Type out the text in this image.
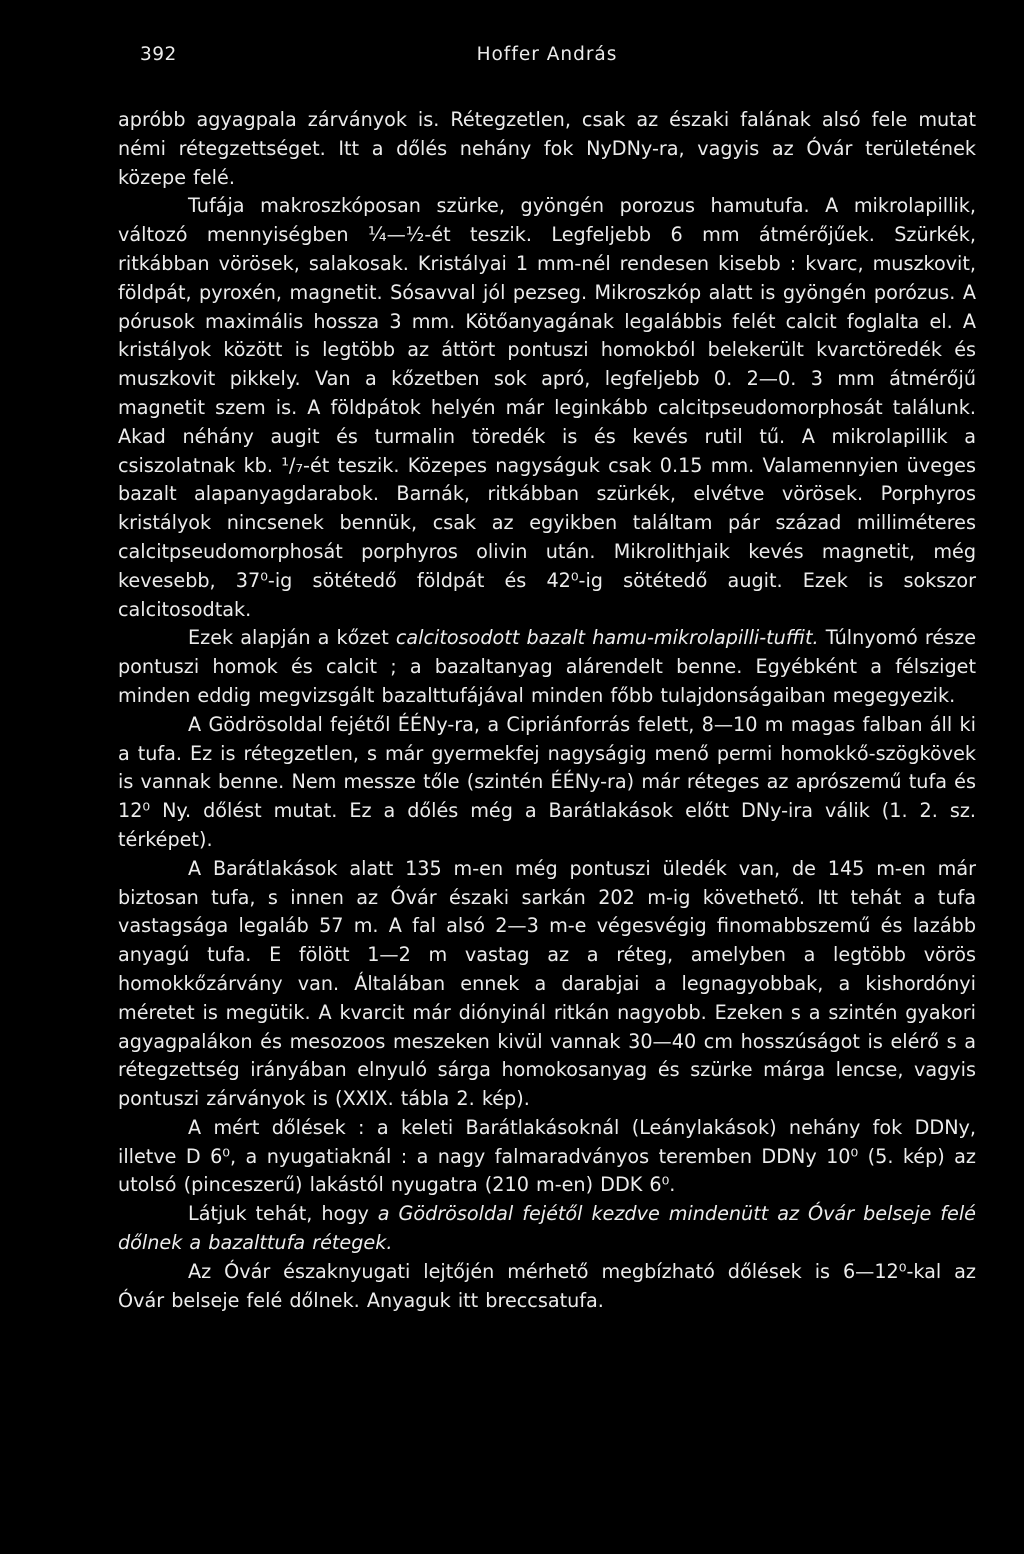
392	Hoffer András

apróbb agyagpala zárványok is. Rétegzetlen, csak az északi falának alsó fele mutat némi rétegzettséget. Itt a dőlés nehány fok NyDNy-ra, vagyis az Óvár területének közepe felé.

Tufája makroszkóposan szürke, gyöngén porozus hamutufa. A mikrolapillik, változó mennyiségben ¼—½-ét teszik. Legfeljebb 6 mm átmérőjűek. Szürkék, ritkábban vörösek, salakosak. Kristályai 1 mm-nél rendesen kisebb : kvarc, muszkovit, földpát, pyroxén, magnetit. Sósavval jól pezseg. Mikroszkóp alatt is gyöngén porózus. A pórusok maximális hossza 3 mm. Kötőanyagának legalábbis felét calcit foglalta el. A kristályok között is legtöbb az áttört pontuszi homokból belekerült kvarctöredék és muszkovit pikkely. Van a kőzetben sok apró, legfeljebb 0. 2—0. 3 mm átmérőjű magnetit szem is. A földpátok helyén már leginkább calcitpseudomorphosát találunk. Akad néhány augit és turmalin töredék is és kevés rutil tű. A mikrolapillik a csiszolatnak kb. ¹/₇-ét teszik. Közepes nagyságuk csak 0.15 mm. Valamennyien üveges bazalt alapanyagdarabok. Barnák, ritkábban szürkék, elvétve vörösek. Porphyros kristályok nincsenek bennük, csak az egyikben találtam pár század milliméteres calcitpseudomorphosát porphyros olivin után. Mikrolithjaik kevés magnetit, még kevesebb, 37⁰-ig sötétedő földpát és 42⁰-ig sötétedő augit. Ezek is sokszor calcitosodtak.

Ezek alapján a kőzet calcitosodott bazalt hamu-mikrolapilli-tuffit. Túlnyomó része pontuszi homok és calcit ; a bazaltanyag alárendelt benne. Egyébként a félsziget minden eddig megvizsgált bazalttufájával minden főbb tulajdonságaiban megegyezik.

A Gödrösoldal fejétől ÉÉNy-ra, a Cipriánforrás felett, 8—10 m magas falban áll ki a tufa. Ez is rétegzetlen, s már gyermekfej nagyságig menő permi homokkő-szögkövek is vannak benne. Nem messze tőle (szintén ÉÉNy-ra) már réteges az aprószemű tufa és 12⁰ Ny. dőlést mutat. Ez a dőlés még a Barátlakások előtt DNy-ira válik (1. 2. sz. térképet).

A Barátlakások alatt 135 m-en még pontuszi üledék van, de 145 m-en már biztosan tufa, s innen az Óvár északi sarkán 202 m-ig követhető. Itt tehát a tufa vastagsága legaláb 57 m. A fal alsó 2—3 m-e végesvégig finomabbszemű és lazább anyagú tufa. E fölött 1—2 m vastag az a réteg, amelyben a legtöbb vörös homokkőzárvány van. Általában ennek a darabjai a legnagyobbak, a kishordónyi méretet is megütik. A kvarcit már diónyinál ritkán nagyobb. Ezeken s a szintén gyakori agyagpalákon és mesozoos meszeken kivül vannak 30—40 cm hosszúságot is elérő s a rétegzettség irányában elnyuló sárga homokosanyag és szürke márga lencse, vagyis pontuszi zárványok is (XXIX. tábla 2. kép).

A mért dőlések : a keleti Barátlakásoknál (Leánylakások) nehány fok DDNy, illetve D 6⁰, a nyugatiaknál : a nagy falmaradványos teremben DDNy 10⁰ (5. kép) az utolsó (pinceszerű) lakástól nyugatra (210 m-en) DDK 6⁰.

Látjuk tehát, hogy a Gödrösoldal fejétől kezdve mindenütt az Óvár belseje felé dőlnek a bazalttufa rétegek.

Az Óvár északnyugati lejtőjén mérhető megbízható dőlések is 6—12⁰-kal az Óvár belseje felé dőlnek. Anyaguk itt breccsatufa.
